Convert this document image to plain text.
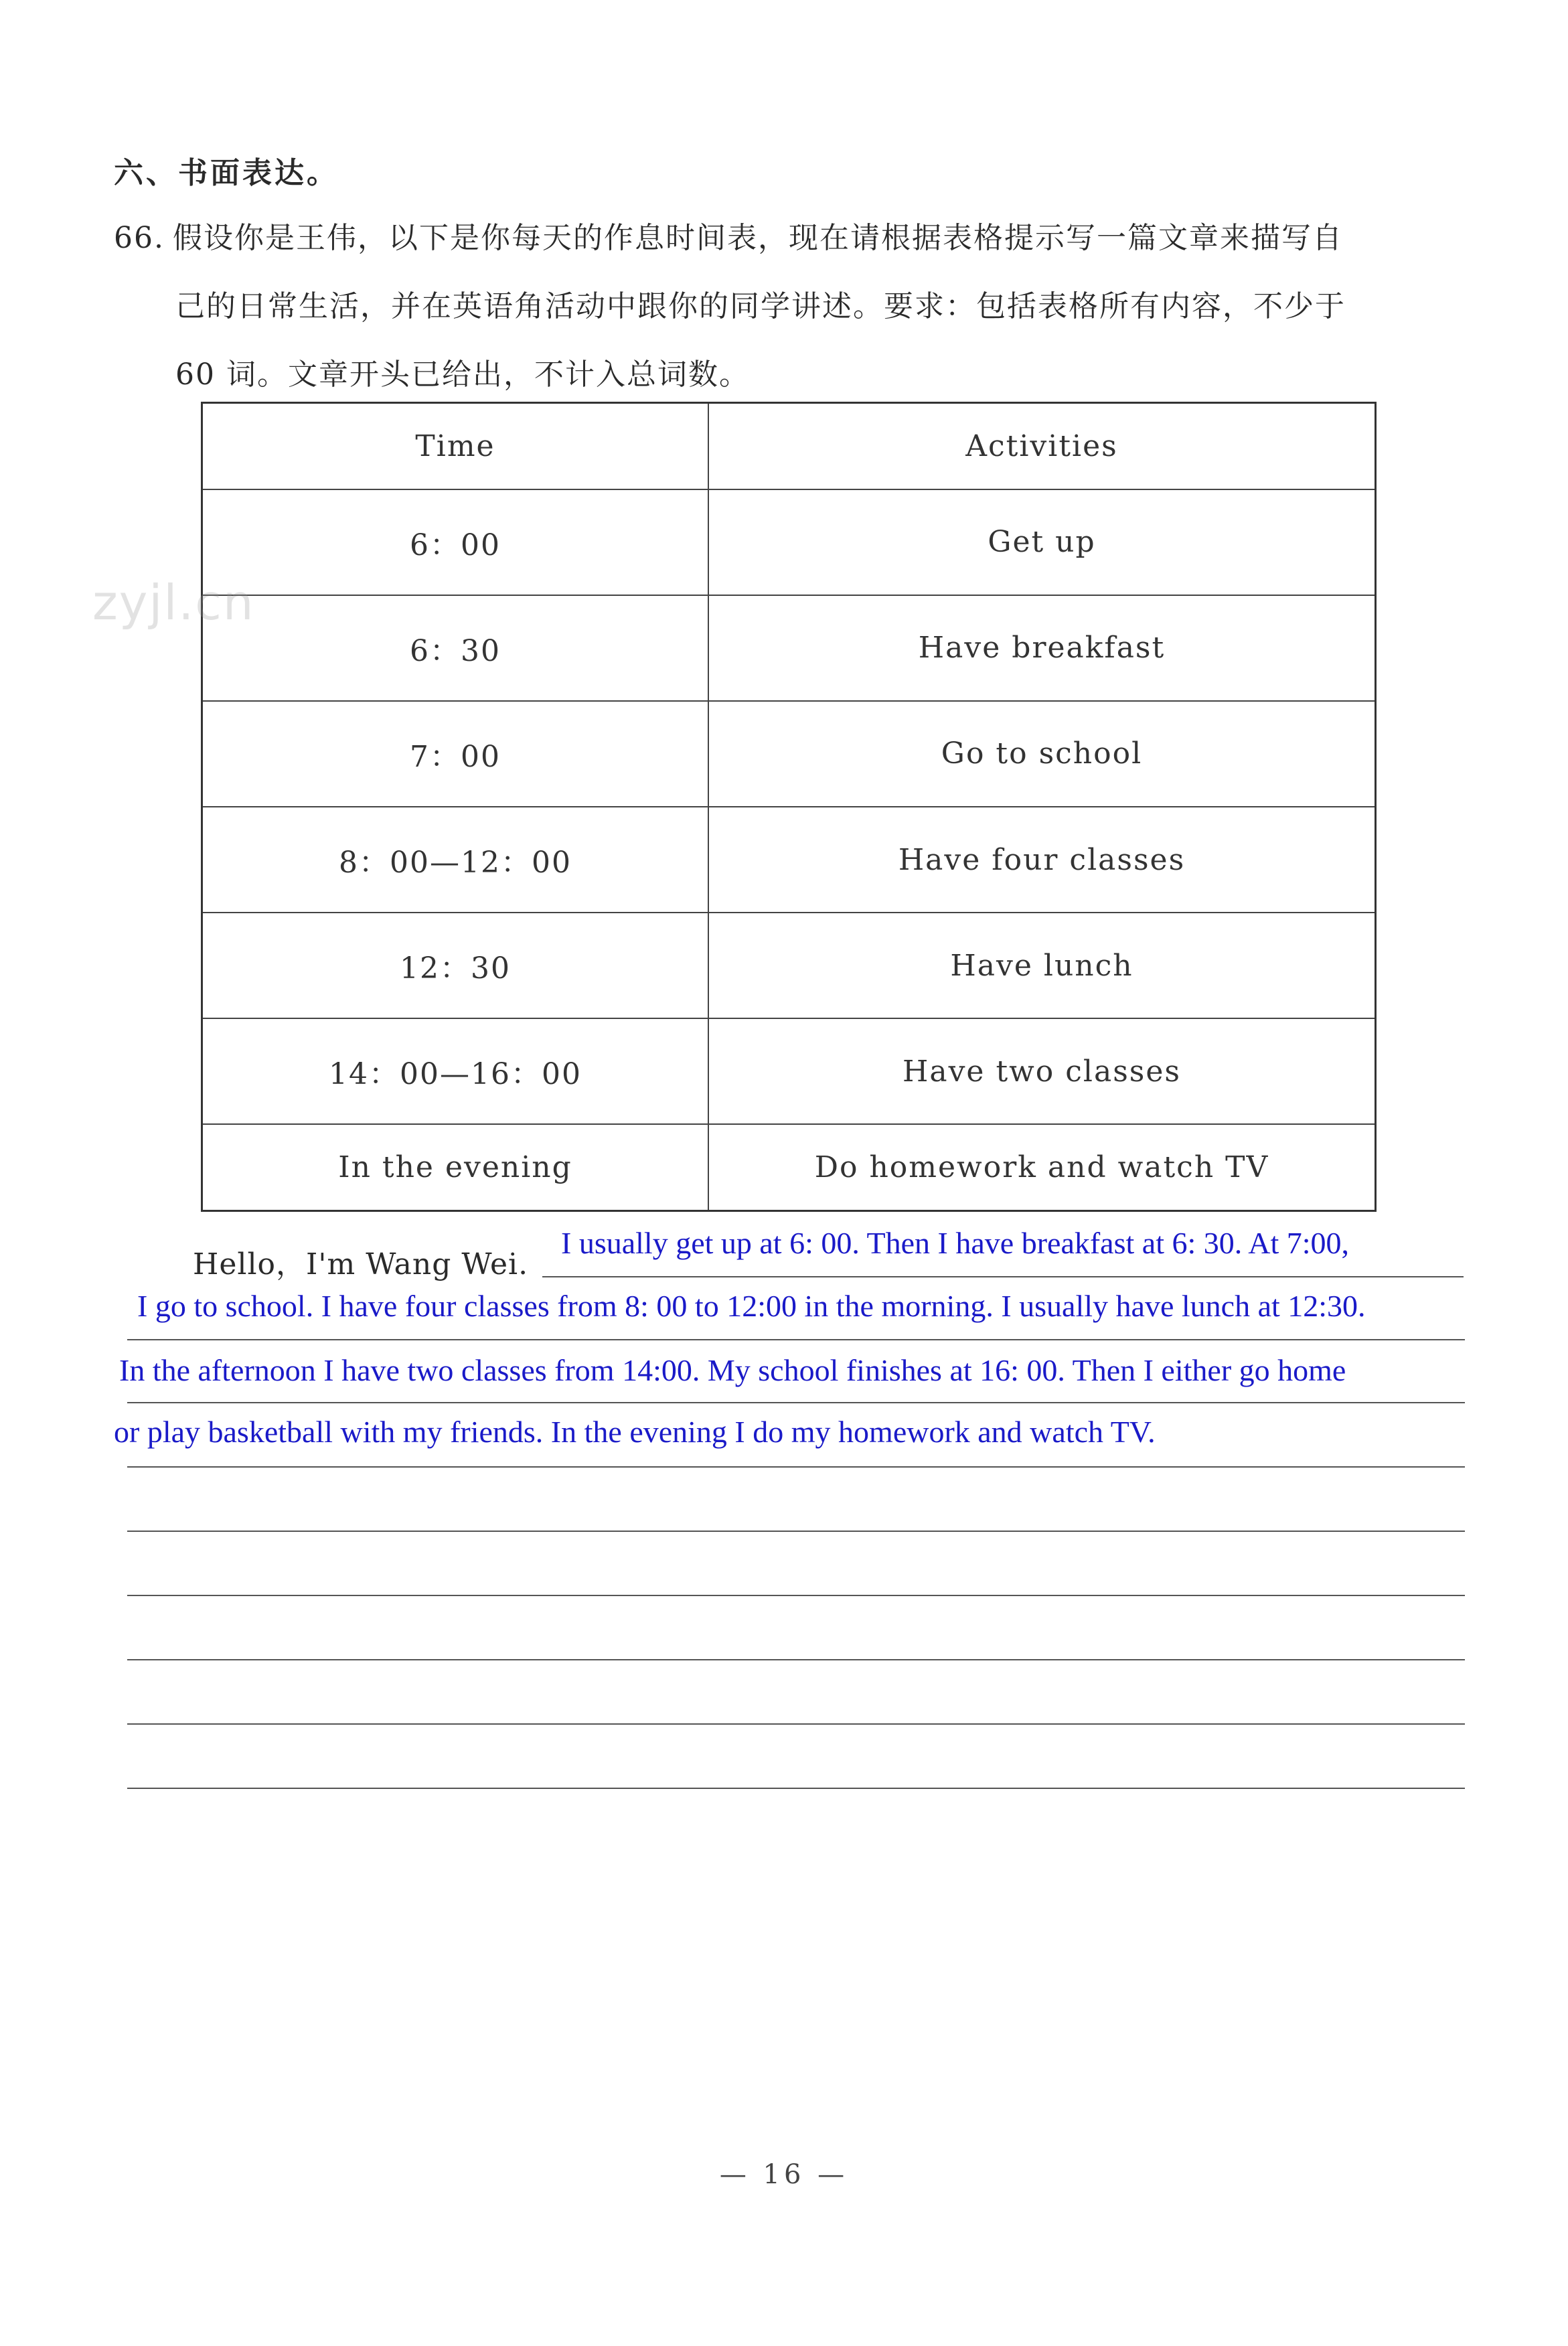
六、书面表达。
66. 假设你是王伟，以下是你每天的作息时间表，现在请根据表格提示写一篇文章来描写自
己的日常生活，并在英语角活动中跟你的同学讲述。要求：包括表格所有内容，不少于
60 词。文章开头已给出，不计入总词数。
Time	Activities
6：00	Get up
6：30	Have breakfast
7：00	Go to school
8：00—12：00	Have four classes
12：30	Have lunch
14：00—16：00	Have two classes
In the evening	Do homework and watch TV
zyjl.cn
Hello，I'm Wang Wei.
I usually get up at 6: 00. Then I have breakfast at 6: 30. At 7:00,
I go to school. I have four classes from 8: 00 to 12:00 in the morning. I usually have lunch at 12:30.
In the afternoon I have two classes from 14:00. My school finishes at 16: 00. Then I either go home
or play basketball with my friends. In the evening I do my homework and watch TV.
— 16 —
